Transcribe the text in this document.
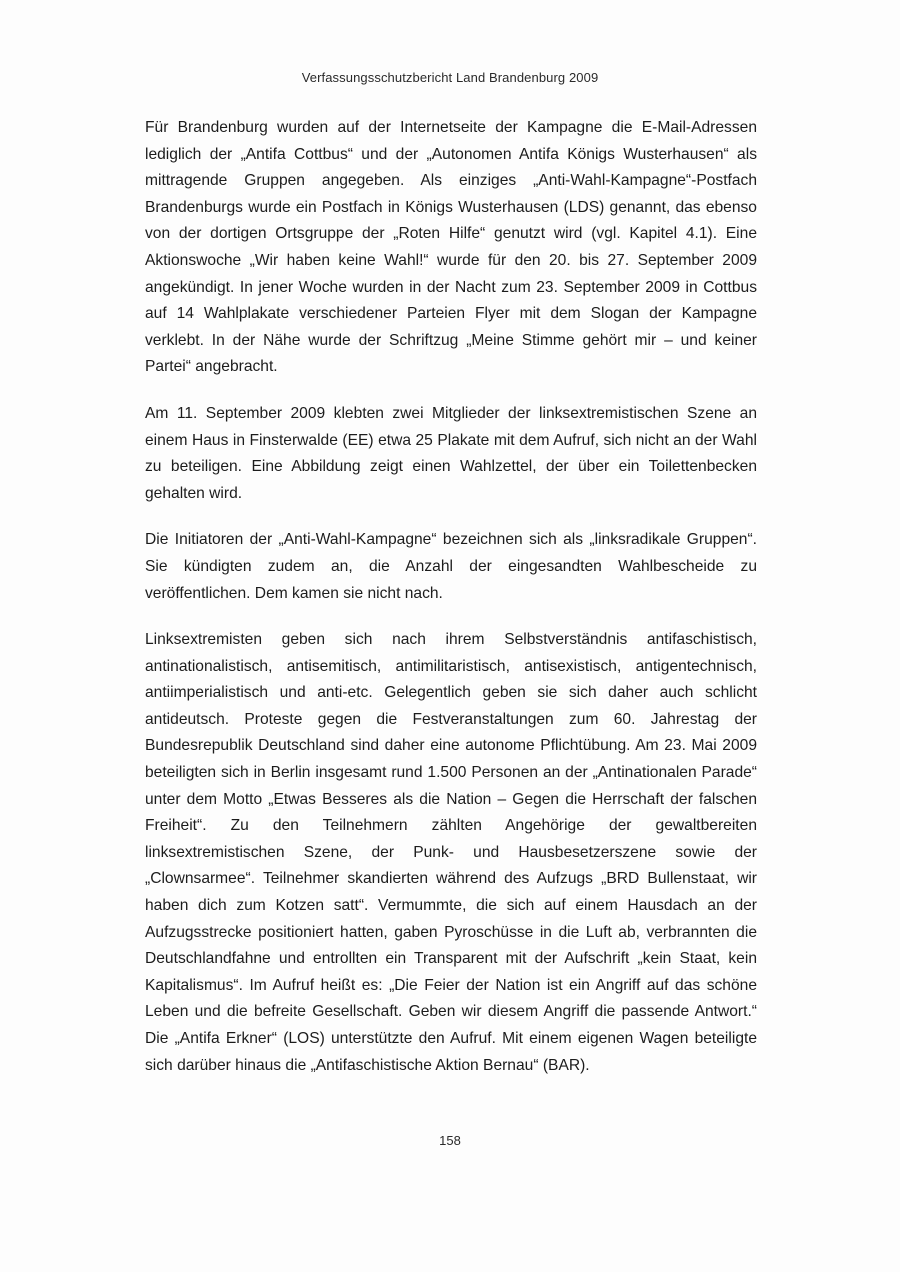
Verfassungsschutzbericht Land Brandenburg 2009

Für Brandenburg wurden auf der Internetseite der Kampagne die E-Mail-Adressen lediglich der „Antifa Cottbus“ und der „Autonomen Antifa Königs Wusterhausen“ als mittragende Gruppen angegeben. Als einziges „Anti-Wahl-Kampagne“-Postfach Brandenburgs wurde ein Postfach in Königs Wusterhausen (LDS) genannt, das ebenso von der dortigen Ortsgruppe der „Roten Hilfe“ genutzt wird (vgl. Kapitel 4.1). Eine Aktionswoche „Wir haben keine Wahl!“ wurde für den 20. bis 27. September 2009 angekündigt. In jener Woche wurden in der Nacht zum 23. September 2009 in Cottbus auf 14 Wahlplakate verschiedener Parteien Flyer mit dem Slogan der Kampagne verklebt. In der Nähe wurde der Schriftzug „Meine Stimme gehört mir – und keiner Partei“ angebracht.

Am 11. September 2009 klebten zwei Mitglieder der linksextremistischen Szene an einem Haus in Finsterwalde (EE) etwa 25 Plakate mit dem Aufruf, sich nicht an der Wahl zu beteiligen. Eine Abbildung zeigt einen Wahlzettel, der über ein Toilettenbecken gehalten wird.

Die Initiatoren der „Anti-Wahl-Kampagne“ bezeichnen sich als „linksradikale Gruppen“. Sie kündigten zudem an, die Anzahl der eingesandten Wahlbescheide zu veröffentlichen. Dem kamen sie nicht nach.

Linksextremisten geben sich nach ihrem Selbstverständnis antifaschistisch, antinationalistisch, antisemitisch, antimilitaristisch, antisexistisch, antigentechnisch, antiimperialistisch und anti-etc. Gelegentlich geben sie sich daher auch schlicht antideutsch. Proteste gegen die Festveranstaltungen zum 60. Jahrestag der Bundesrepublik Deutschland sind daher eine autonome Pflichtübung. Am 23. Mai 2009 beteiligten sich in Berlin insgesamt rund 1.500 Personen an der „Antinationalen Parade“ unter dem Motto „Etwas Besseres als die Nation – Gegen die Herrschaft der falschen Freiheit“. Zu den Teilnehmern zählten Angehörige der gewaltbereiten linksextremistischen Szene, der Punk- und Hausbesetzerszene sowie der „Clownsarmee“. Teilnehmer skandierten während des Aufzugs „BRD Bullenstaat, wir haben dich zum Kotzen satt“. Vermummte, die sich auf einem Hausdach an der Aufzugsstrecke positioniert hatten, gaben Pyroschüsse in die Luft ab, verbrannten die Deutschlandfahne und entrollten ein Transparent mit der Aufschrift „kein Staat, kein Kapitalismus“. Im Aufruf heißt es: „Die Feier der Nation ist ein Angriff auf das schöne Leben und die befreite Gesellschaft. Geben wir diesem Angriff die passende Antwort.“ Die „Antifa Erkner“ (LOS) unterstützte den Aufruf. Mit einem eigenen Wagen beteiligte sich darüber hinaus die „Antifaschistische Aktion Bernau“ (BAR).

158
